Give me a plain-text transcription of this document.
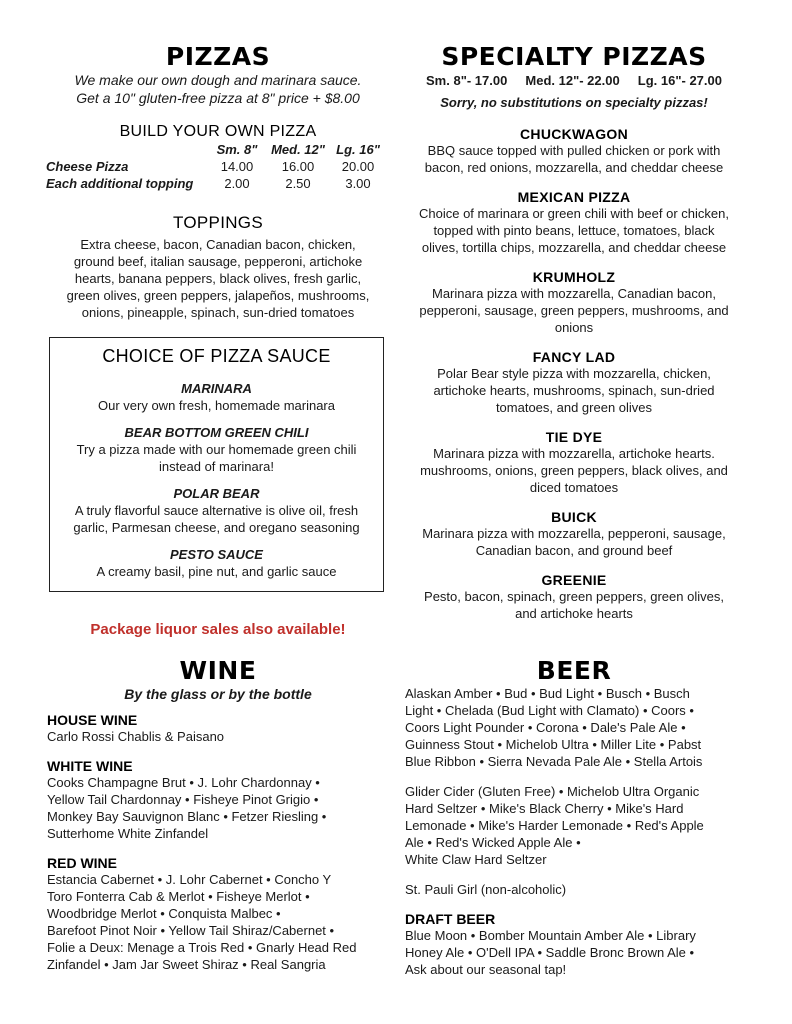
PIZZAS
We make our own dough and marinara sauce.
Get a 10" gluten-free pizza at 8" price + $8.00
BUILD YOUR OWN PIZZA
	Sm. 8"	Med. 12"	Lg. 16"
Cheese Pizza	14.00	16.00	20.00
Each additional topping	2.00	2.50	3.00
TOPPINGS
Extra cheese, bacon, Canadian bacon, chicken,
ground beef, italian sausage, pepperoni, artichoke
hearts, banana peppers, black olives, fresh garlic,
green olives, green peppers, jalapeños, mushrooms,
onions, pineapple, spinach, sun-dried tomatoes
CHOICE OF PIZZA SAUCE
MARINARA
Our very own fresh, homemade marinara
BEAR BOTTOM GREEN CHILI
Try a pizza made with our homemade green chili
instead of marinara!
POLAR BEAR
A truly flavorful sauce alternative is olive oil, fresh
garlic, Parmesan cheese, and oregano seasoning
PESTO SAUCE
A creamy basil, pine nut, and garlic sauce
Package liquor sales also available!
SPECIALTY PIZZAS
Sm. 8"- 17.00     Med. 12"- 22.00     Lg. 16"- 27.00
Sorry, no substitutions on specialty pizzas!
CHUCKWAGON
BBQ sauce topped with pulled chicken or pork with
bacon, red onions, mozzarella, and cheddar cheese
MEXICAN PIZZA
Choice of marinara or green chili with beef or chicken,
topped with pinto beans, lettuce, tomatoes, black
olives, tortilla chips, mozzarella, and cheddar cheese
KRUMHOLZ
Marinara pizza with mozzarella, Canadian bacon,
pepperoni, sausage, green peppers, mushrooms, and
onions
FANCY LAD
Polar Bear style pizza with mozzarella, chicken,
artichoke hearts, mushrooms, spinach, sun-dried
tomatoes, and green olives
TIE DYE
Marinara pizza with mozzarella, artichoke hearts.
mushrooms, onions, green peppers, black olives, and
diced tomatoes
BUICK
Marinara pizza with mozzarella, pepperoni, sausage,
Canadian bacon, and ground beef
GREENIE
Pesto, bacon, spinach, green peppers, green olives,
and artichoke hearts
WINE
By the glass or by the bottle
HOUSE WINE
Carlo Rossi Chablis & Paisano
WHITE WINE
Cooks Champagne Brut • J. Lohr Chardonnay •
Yellow Tail Chardonnay • Fisheye Pinot Grigio •
Monkey Bay Sauvignon Blanc • Fetzer Riesling •
Sutterhome White Zinfandel
RED WINE
Estancia Cabernet • J. Lohr Cabernet • Concho Y
Toro Fonterra Cab & Merlot • Fisheye Merlot •
Woodbridge Merlot • Conquista Malbec •
Barefoot Pinot Noir • Yellow Tail Shiraz/Cabernet •
Folie a Deux: Menage a Trois Red • Gnarly Head Red
Zinfandel • Jam Jar Sweet Shiraz • Real Sangria
BEER
Alaskan Amber • Bud • Bud Light • Busch • Busch
Light • Chelada (Bud Light with Clamato) • Coors •
Coors Light Pounder • Corona • Dale's Pale Ale •
Guinness Stout • Michelob Ultra • Miller Lite • Pabst
Blue Ribbon • Sierra Nevada Pale Ale • Stella Artois
Glider Cider (Gluten Free) • Michelob Ultra Organic
Hard Seltzer • Mike's Black Cherry • Mike's Hard
Lemonade • Mike's Harder Lemonade • Red's Apple
Ale • Red's Wicked Apple Ale •
White Claw Hard Seltzer
St. Pauli Girl (non-alcoholic)
DRAFT BEER
Blue Moon • Bomber Mountain Amber Ale • Library
Honey Ale • O'Dell IPA • Saddle Bronc Brown Ale •
Ask about our seasonal tap!
